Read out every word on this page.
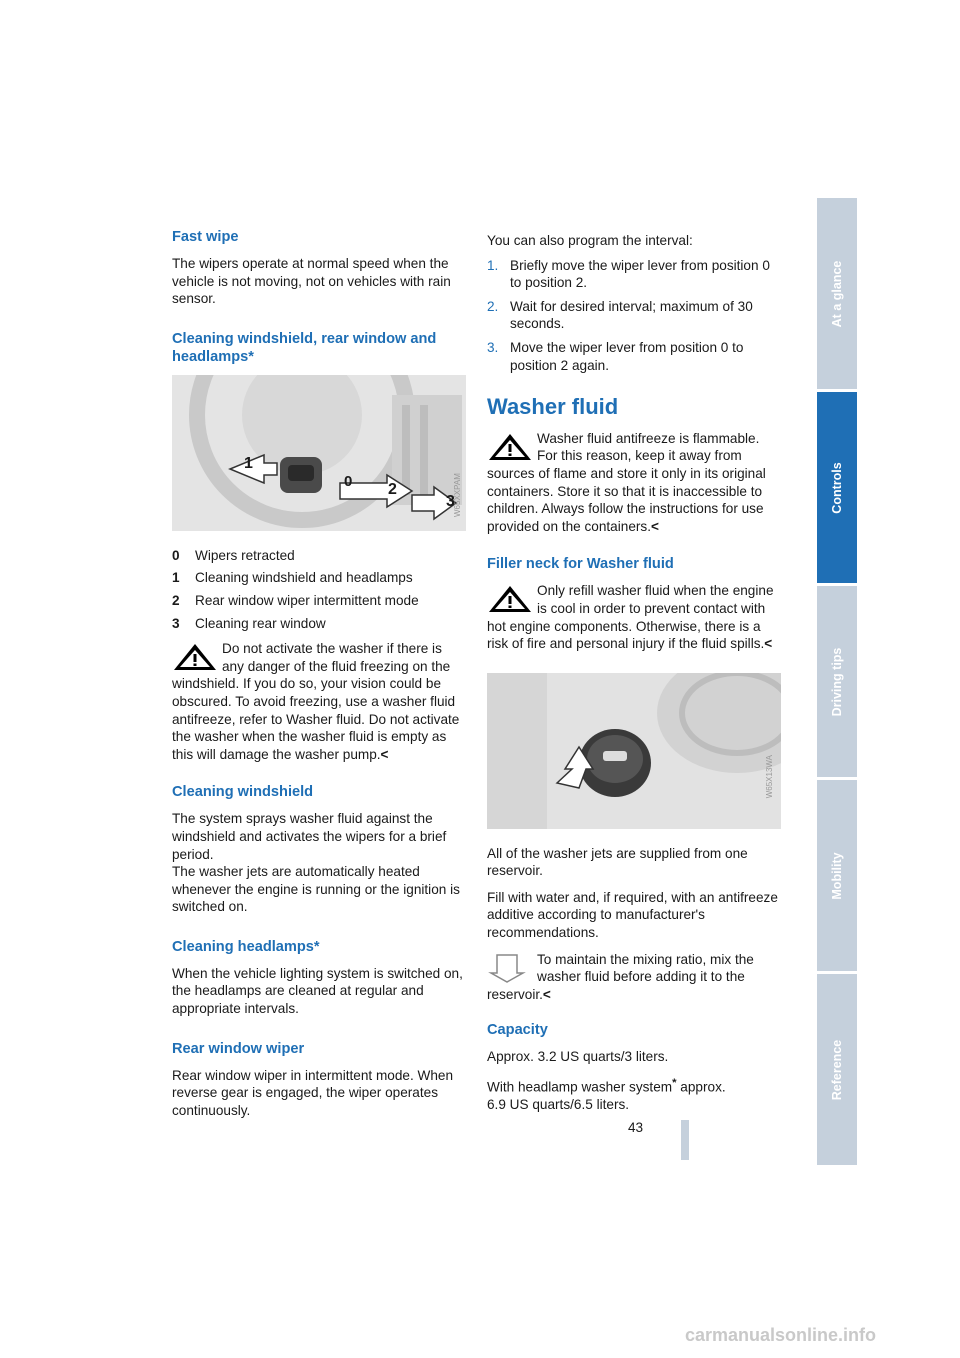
Fast wipe

The wipers operate at normal speed when the vehicle is not moving, not on vehicles with rain sensor.

Cleaning windshield, rear window and headlamps*
W65XXPAM
1
0 2
3
0	Wipers retracted
1	Cleaning windshield and headlamps
2	Rear window wiper intermittent mode
3	Cleaning rear window
Do not activate the washer if there is any danger of the fluid freezing on the windshield. If you do so, your vision could be obscured. To avoid freezing, use a washer fluid antifreeze, refer to Washer fluid. Do not activate the washer when the washer fluid is empty as this will damage the washer pump.<
Cleaning windshield

The system sprays washer fluid against the windshield and activates the wipers for a brief period.

The washer jets are automatically heated whenever the engine is running or the ignition is switched on.

Cleaning headlamps*

When the vehicle lighting system is switched on, the headlamps are cleaned at regular and appropriate intervals.

Rear window wiper

Rear window wiper in intermittent mode. When reverse gear is engaged, the wiper operates continuously.

You can also program the interval:

1. Briefly move the wiper lever from position 0 to position 2.
2. Wait for desired interval; maximum of 30 seconds.
3. Move the wiper lever from position 0 to position 2 again.
Washer fluid
Washer fluid antifreeze is flammable. For this reason, keep it away from sources of flame and store it only in its original containers. Store it so that it is inaccessible to children. Always follow the instructions for use provided on the containers.<
Filler neck for Washer fluid
Only refill washer fluid when the engine is cool in order to prevent contact with hot engine components. Otherwise, there is a risk of fire and personal injury if the fluid spills.<
W65X13WA

All of the washer jets are supplied from one reservoir.

Fill with water and, if required, with an antifreeze additive according to manufacturer's recommendations.

To maintain the mixing ratio, mix the washer fluid before adding it to the reservoir.<
Capacity

Approx. 3.2 US quarts/3 liters.

With headlamp washer system* approx.

6.9 US quarts/6.5 liters.

At a glance
Controls
Driving tips
Mobility
Reference
43
carmanualsonline.info
